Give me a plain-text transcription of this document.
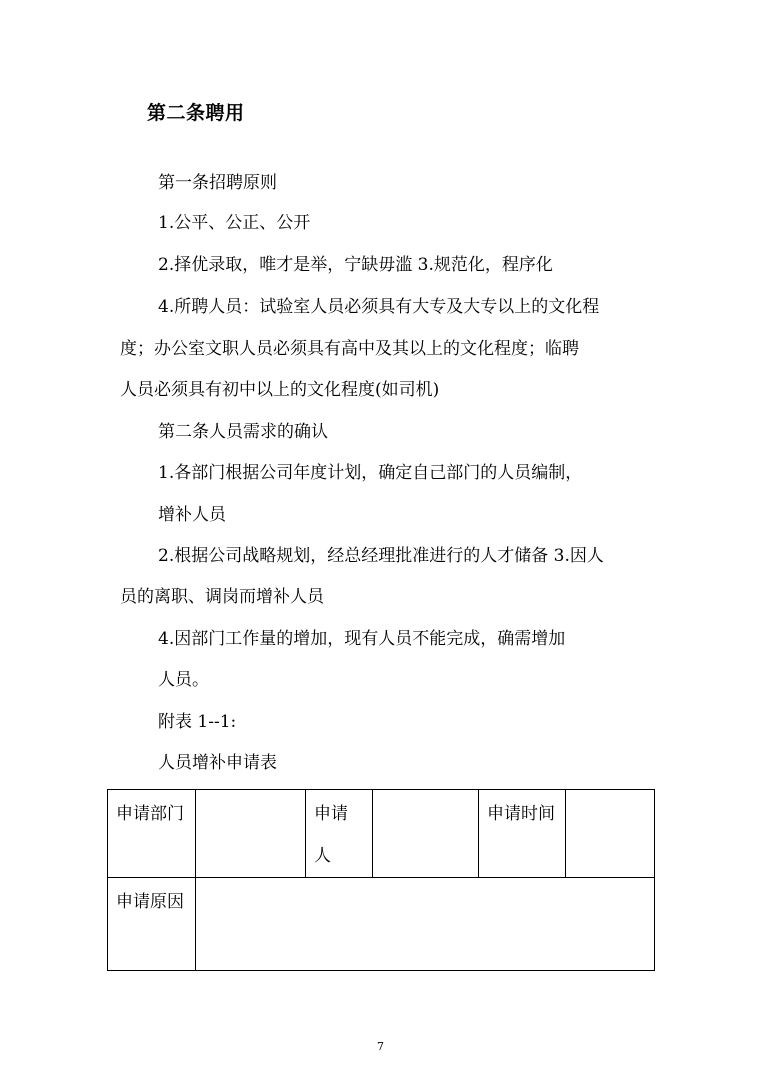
第二条聘用
第一条招聘原则
1.公平、公正、公开
2.择优录取，唯才是举，宁缺毋滥 3.规范化，程序化
4.所聘人员：试验室人员必须具有大专及大专以上的文化程
度；办公室文职人员必须具有高中及其以上的文化程度；临聘
人员必须具有初中以上的文化程度(如司机)
第二条人员需求的确认
1.各部门根据公司年度计划，确定自己部门的人员编制，
增补人员
2.根据公司战略规划，经总经理批准进行的人才储备 3.因人
员的离职、调岗而增补人员
4.因部门工作量的增加，现有人员不能完成，确需增加
人员。
附表 1--1:
人员增补申请表
申请部门		申请人		申请时间	

申请原因					

7
